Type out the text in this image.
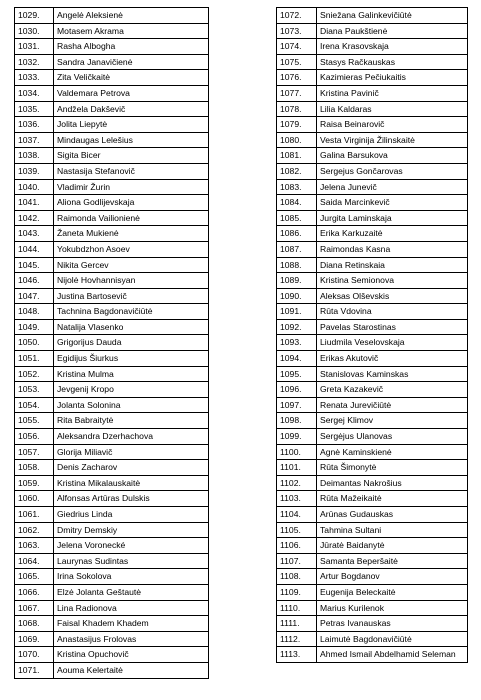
1029.	Angelė Aleksienė
1030.	Motasem Akrama
1031.	Rasha Albogha
1032.	Sandra Janavičienė
1033.	Zita Veličkaitė
1034.	Valdemara Petrova
1035.	Andžela Dakševič
1036.	Jolita Liepytė
1037.	Mindaugas Lelešius
1038.	Sigita Bicer
1039.	Nastasija Stefanovič
1040.	Vladimir Žurin
1041.	Aliona Godlijevskaja
1042.	Raimonda Vailionienė
1043.	Žaneta Mukienė
1044.	Yokubdzhon Asoev
1045.	Nikita Gercev
1046.	Nijolė Hovhannisyan
1047.	Justina Bartosevič
1048.	Tachnina Bagdonavičiūtė
1049.	Natalija Vlasenko
1050.	Grigorijus Dauda
1051.	Egidijus Šiurkus
1052.	Kristina Mulma
1053.	Jevgenij Kropo
1054.	Jolanta Solonina
1055.	Rita Babraitytė
1056.	Aleksandra Dzerhachova
1057.	Glorija Miliavič
1058.	Denis Zacharov
1059.	Kristina Mikalauskaitė
1060.	Alfonsas Artūras Dulskis
1061.	Giedrius Linda
1062.	Dmitry Demskiy
1063.	Jelena Voronecké
1064.	Laurynas Sudintas
1065.	Irina Sokolova
1066.	Elzė Jolanta Geštautė
1067.	Lina Radionova
1068.	Faisal Khadem Khadem
1069.	Anastasijus Frolovas
1070.	Kristina Opuchovič
1071.	Aouma Kelertaitė
1072.	Sniežana Galinkevičiūtė
1073.	Diana Paukštienė
1074.	Irena Krasovskaja
1075.	Stasys Račkauskas
1076.	Kazimieras Pečiukaitis
1077.	Kristina Pavinič
1078.	Lilia Kaldaras
1079.	Raisa Beinarovič
1080.	Vesta Virginija Žilinskaitė
1081.	Galina Barsukova
1082.	Sergejus Gončarovas
1083.	Jelena Junevič
1084.	Saida Marcinkevič
1085.	Jurgita Laminskaja
1086.	Erika Karkuzaitė
1087.	Raimondas Kasna
1088.	Diana Retinskaia
1089.	Kristina Semionova
1090.	Aleksas Olševskis
1091.	Rūta Vdovina
1092.	Pavelas Starostinas
1093.	Liudmila Veselovskaja
1094.	Erikas Akutovič
1095.	Stanislovas Kaminskas
1096.	Greta Kazakevič
1097.	Renata Jurevičiūtė
1098.	Sergej Klimov
1099.	Sergėjus Ulanovas
1100.	Agnė Kaminskienė
1101.	Rūta Šimonytė
1102.	Deimantas Nakrošius
1103.	Rūta Mažeikaitė
1104.	Arūnas Gudauskas
1105.	Tahmina Sultani
1106.	Jūratė Baidanytė
1107.	Samanta Beperšaitė
1108.	Artur Bogdanov
1109.	Eugenija Beleckaitė
1110.	Marius Kurilenok
1111.	Petras Ivanauskas
1112.	Laimutė Bagdonavičiūtė
1113.	Ahmed Ismail Abdelhamid Seleman
